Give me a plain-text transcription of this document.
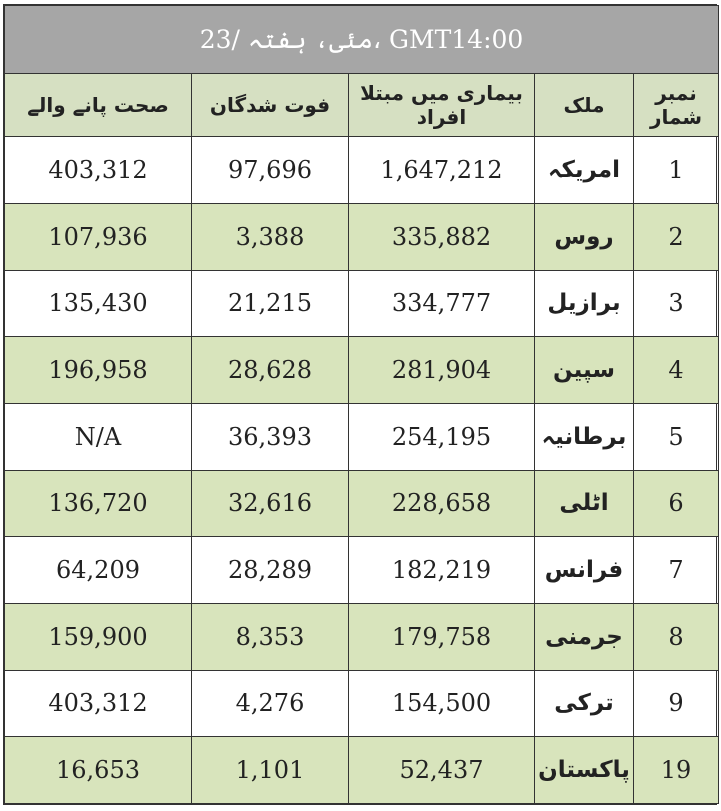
23/ مئی، ہفتہ، GMT14:00				
صحت پانے والے	فوت شدگان	بیماری میں مبتلا افراد	ملک	نمبر شمار
403,312	97,696	1,647,212	امریکہ	1
107,936	3,388	335,882	روس	2
135,430	21,215	334,777	برازیل	3
196,958	28,628	281,904	سپین	4
N/A	36,393	254,195	برطانیہ	5
136,720	32,616	228,658	اٹلی	6
64,209	28,289	182,219	فرانس	7
159,900	8,353	179,758	جرمنی	8
403,312	4,276	154,500	ترکی	9
16,653	1,101	52,437	پاکستان	19
